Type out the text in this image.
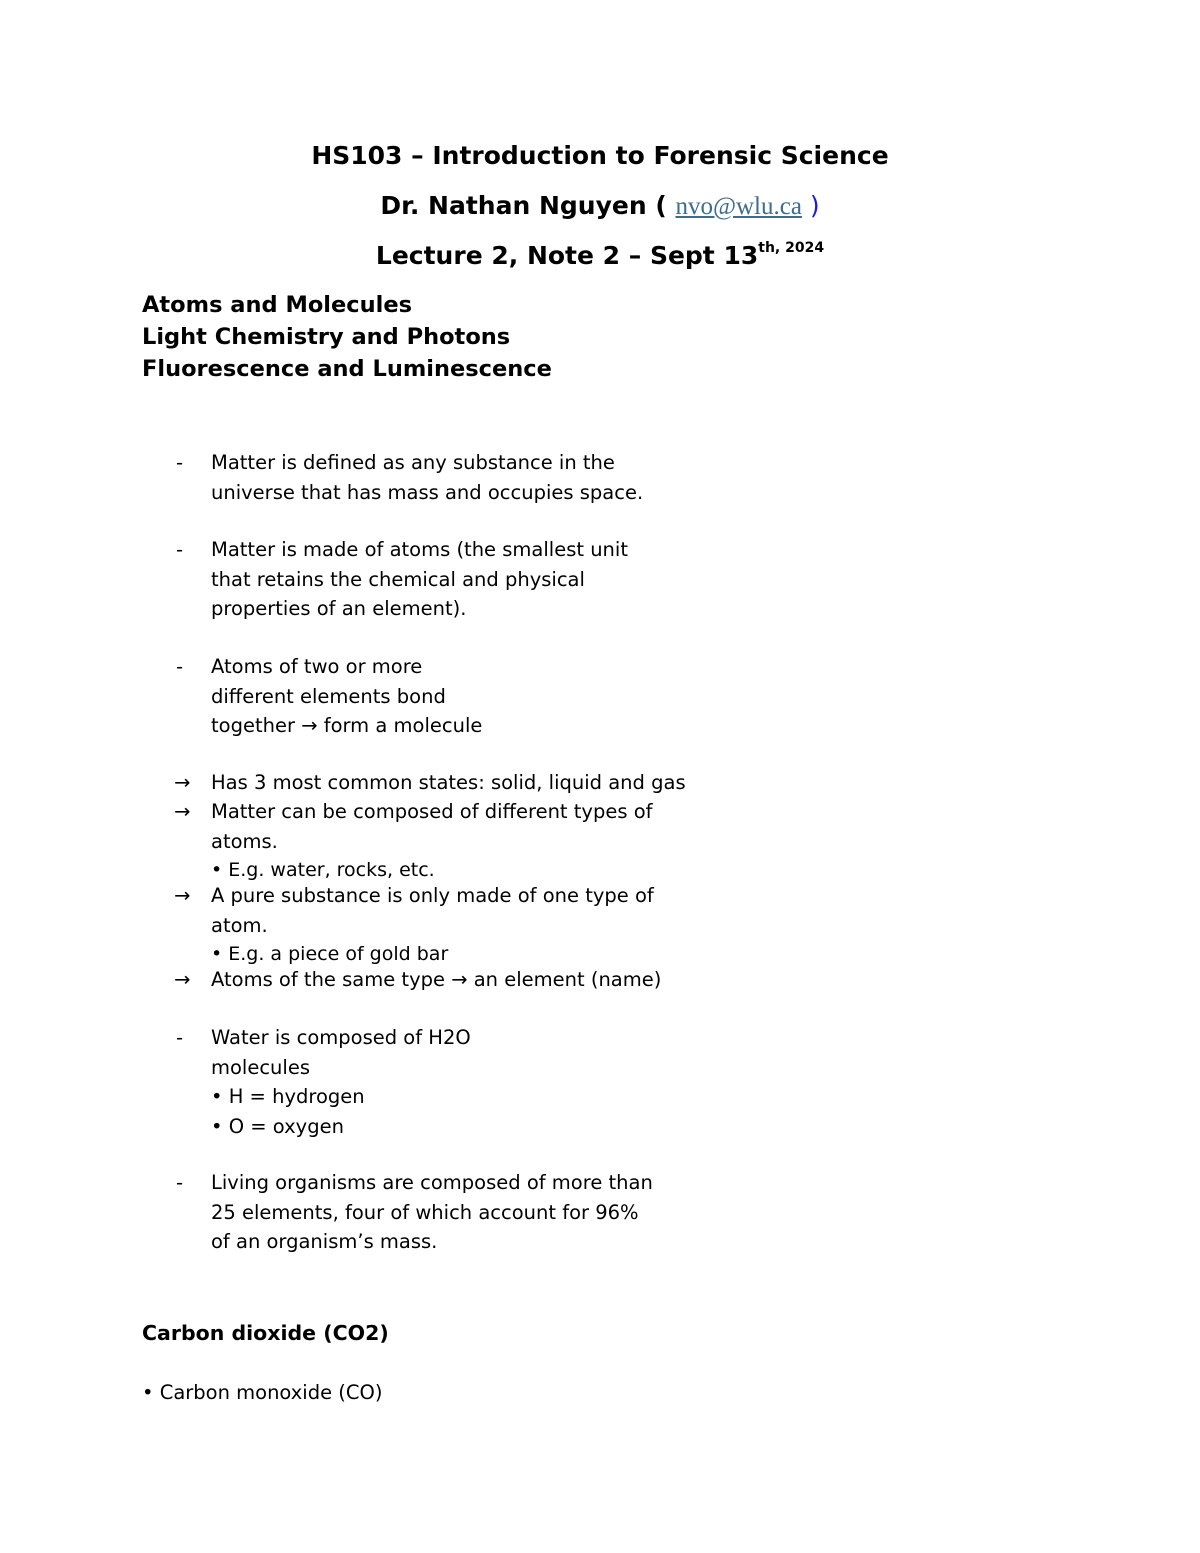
HS103 – Introduction to Forensic Science
Dr. Nathan Nguyen ( nvo@wlu.ca )
Lecture 2, Note 2 – Sept $13^{th, 2024}$
Atoms and Molecules
Light Chemistry and Photons
Fluorescence and Luminescence
- Matter is defined as any substance in the
universe that has mass and occupies space.
- Matter is made of atoms (the smallest unit
that retains the chemical and physical
properties of an element).
- Atoms of two or more
different elements bond
together → form a molecule
→ Has 3 most common states: solid, liquid and gas
→ Matter can be composed of different types of
atoms.
• E.g. water, rocks, etc.
→ A pure substance is only made of one type of
atom.
• E.g. a piece of gold bar
→ Atoms of the same type → an element (name)
- Water is composed of H2O
molecules
• H = hydrogen
• O = oxygen
- Living organisms are composed of more than
25 elements, four of which account for 96%
of an organism’s mass.
Carbon dioxide (CO2)
• Carbon monoxide (CO)
